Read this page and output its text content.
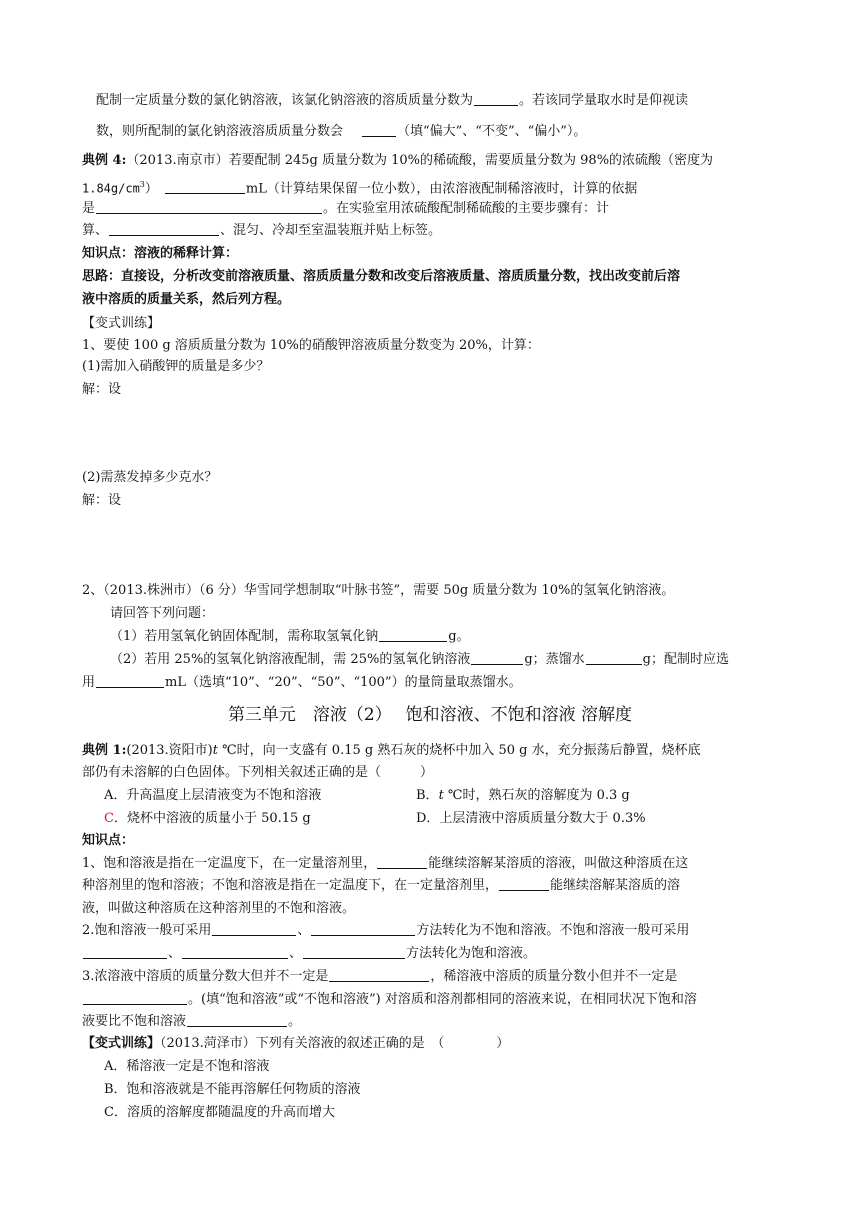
配制一定质量分数的氯化钠溶液，该氯化钠溶液的溶质质量分数为	。若该同学量取水时是仰视读
数，则所配制的氯化钠溶液溶质质量分数会	（填“偏大”、“不变”、“偏小”）。
典例 4:（2013.南京市）若要配制 245g 质量分数为 10%的稀硫酸，需要质量分数为 98%的浓硫酸（密度为
$1.84g/cm^3$）	mL（计算结果保留一位小数），由浓溶液配制稀溶液时，计算的依据
是	。在实验室用浓硫酸配制稀硫酸的主要步骤有：计
算、	、混匀、冷却至室温装瓶并贴上标签。
知识点：溶液的稀释计算：
思路：直接设，分析改变前溶液质量、溶质质量分数和改变后溶液质量、溶质质量分数，找出改变前后溶
液中溶质的质量关系，然后列方程。
【变式训练】
1、要使 100 g 溶质质量分数为 10%的硝酸钾溶液质量分数变为 20%，计算：
(1)需加入硝酸钾的质量是多少？
解：设
(2)需蒸发掉多少克水？
解：设
2、（2013.株洲市）（6 分）华雪同学想制取“叶脉书签”，需要 50g 质量分数为 10%的氢氧化钠溶液。
请回答下列问题：
（1）若用氢氧化钠固体配制，需称取氢氧化钠	g。
（2）若用 25%的氢氧化钠溶液配制，需 25%的氢氧化钠溶液	g；蒸馏水	g；配制时应选
用	mL（选填“10”、“20”、“50”、“100”）的量筒量取蒸馏水。
第三单元　溶液（2）　 饱和溶液、不饱和溶液 溶解度
典例 1:(2013.资阳市)t ℃时，向一支盛有 0.15 g 熟石灰的烧杯中加入 50 g 水，充分振荡后静置，烧杯底
部仍有未溶解的白色固体。下列相关叙述正确的是（　　　）
A．升高温度上层清液变为不饱和溶液	B．t ℃时，熟石灰的溶解度为 0.3 g
C．烧杯中溶液的质量小于 50.15 g	D．上层清液中溶质质量分数大于 0.3%
知识点：
1、饱和溶液是指在一定温度下，在一定量溶剂里，	能继续溶解某溶质的溶液，叫做这种溶质在这
种溶剂里的饱和溶液；不饱和溶液是指在一定温度下，在一定量溶剂里，	能继续溶解某溶质的溶
液，叫做这种溶质在这种溶剂里的不饱和溶液。
2.饱和溶液一般可采用	、	方法转化为不饱和溶液。不饱和溶液一般可采用
、	、	方法转化为饱和溶液。
3.浓溶液中溶质的质量分数大但并不一定是	，稀溶液中溶质的质量分数小但并不一定是
。(填“饱和溶液”或“不饱和溶液”) 对溶质和溶剂都相同的溶液来说，在相同状况下饱和溶
液要比不饱和溶液	。
【变式训练】（2013.菏泽市）下列有关溶液的叙述正确的是　（　　　　）
A．稀溶液一定是不饱和溶液
B．饱和溶液就是不能再溶解任何物质的溶液
C．溶质的溶解度都随温度的升高而增大
